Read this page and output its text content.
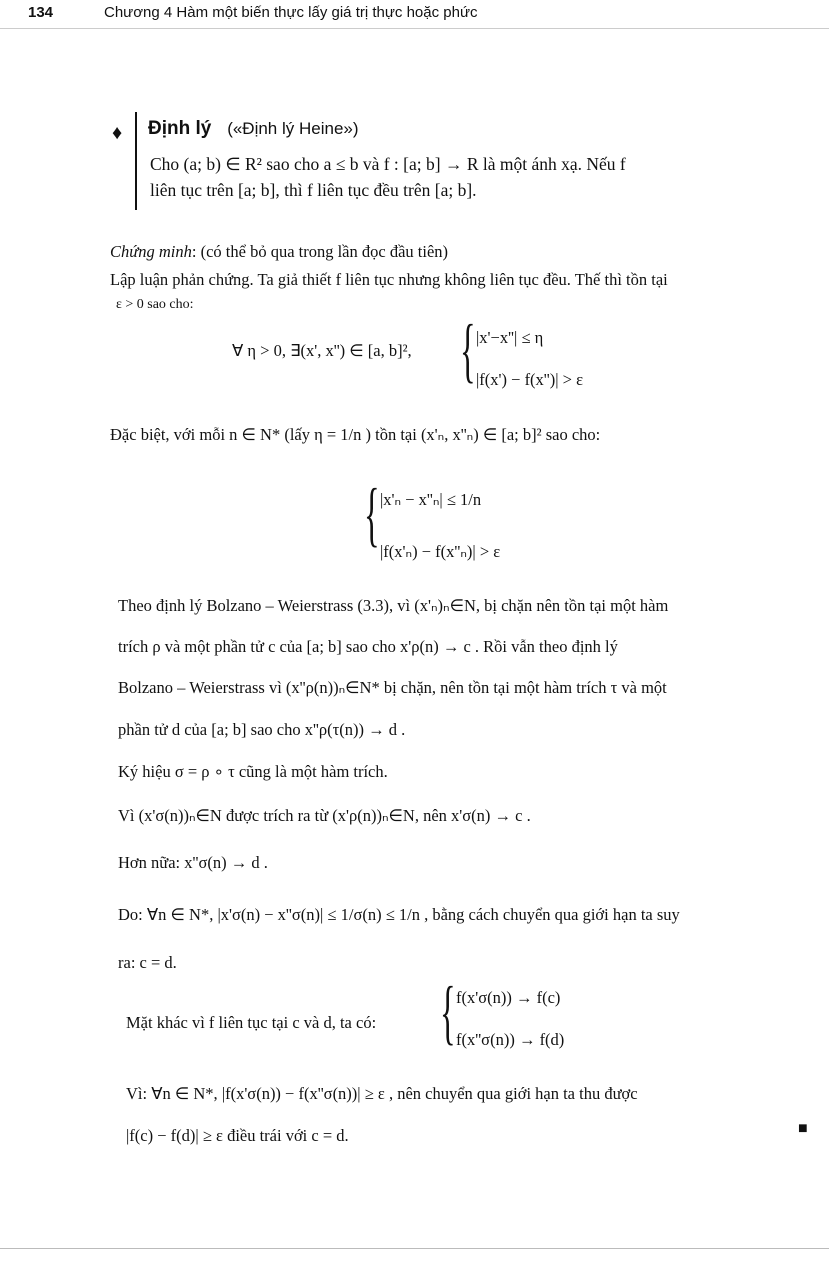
134	Chương 4 Hàm một biến thực lấy giá trị thực hoặc phức
♦ Định lý («Định lý Heine»)
Cho (a; b) ∈ R² sao cho a ≤ b và f : [a; b] → R là một ánh xạ. Nếu f
liên tục trên [a; b], thì f liên tục đều trên [a; b].
Chứng minh: (có thể bỏ qua trong lần đọc đầu tiên)
Lập luận phản chứng. Ta giả thiết f liên tục nhưng không liên tục đều. Thế thì tồn tại
ε > 0 sao cho:
∀ η > 0, ∃(x', x'') ∈ [a, b]², { |x'−x''| ≤ η
|f(x') − f(x'')| > ε
Đặc biệt, với mỗi n ∈ N* (lấy η = 1/n ) tồn tại (x'ₙ, x''ₙ) ∈ [a; b]² sao cho:
{ |x'ₙ − x''ₙ| ≤ 1/n
|f(x'ₙ) − f(x''ₙ)| > ε
Theo định lý Bolzano – Weierstrass (3.3), vì (x'ₙ)ₙ∈N, bị chặn nên tồn tại một hàm
trích ρ và một phần tử c của [a; b] sao cho x'ρ(n) → c . Rồi vẫn theo định lý
Bolzano – Weierstrass vì (x''ρ(n))ₙ∈N* bị chặn, nên tồn tại một hàm trích τ và một
phần tử d của [a; b] sao cho x''ρ(τ(n)) → d .
Ký hiệu σ = ρ ∘ τ cũng là một hàm trích.
Vì (x'σ(n))ₙ∈N được trích ra từ (x'ρ(n))ₙ∈N, nên x'σ(n) → c .
Hơn nữa: x''σ(n) → d .
Do: ∀n ∈ N*, |x'σ(n) − x''σ(n)| ≤ 1/σ(n) ≤ 1/n , bằng cách chuyển qua giới hạn ta suy
ra: c = d.
Mặt khác vì f liên tục tại c và d, ta có: { f(x'σ(n)) → f(c)
f(x''σ(n)) → f(d)
Vì: ∀n ∈ N*, |f(x'σ(n)) − f(x''σ(n))| ≥ ε , nên chuyển qua giới hạn ta thu được
|f(c) − f(d)| ≥ ε điều trái với c = d.	■
